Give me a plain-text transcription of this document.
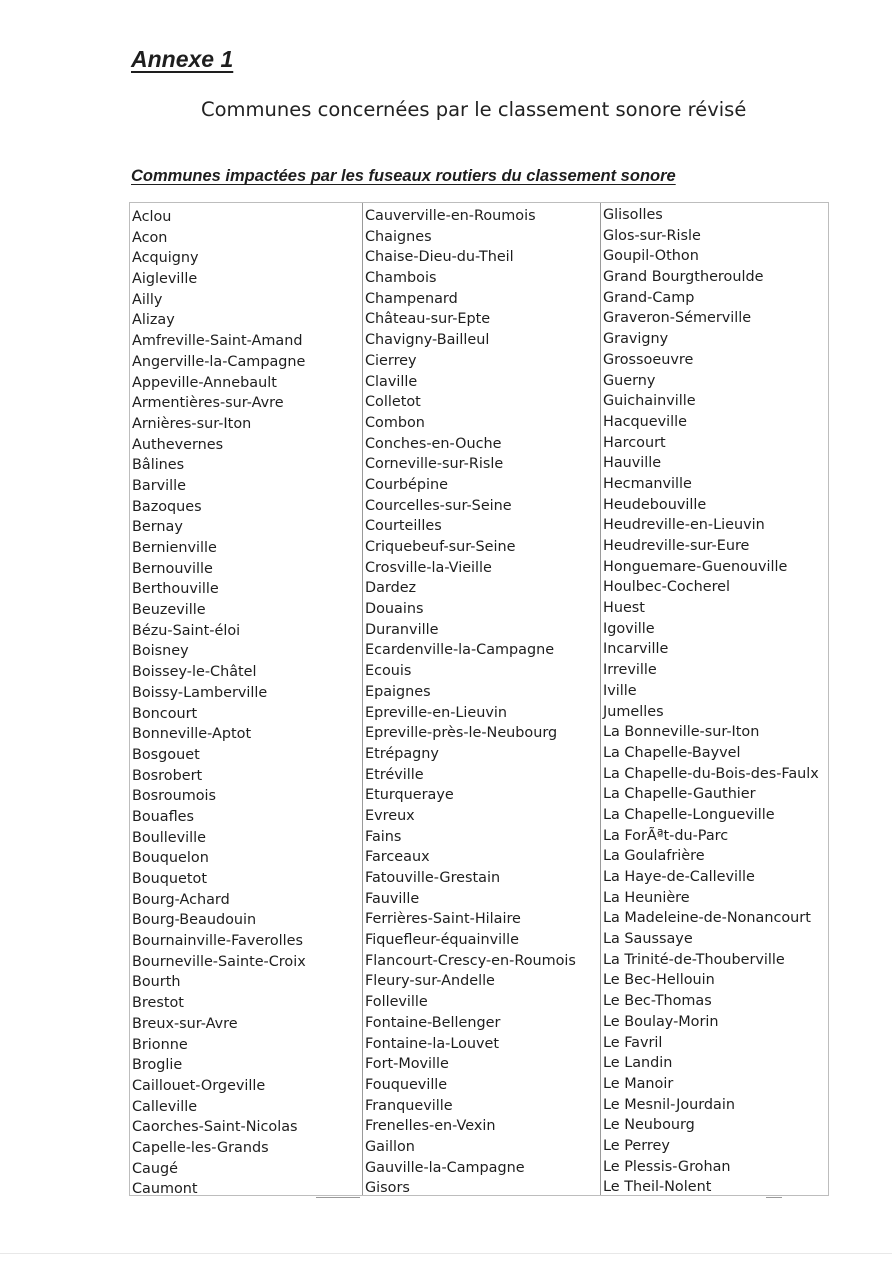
Annexe 1
Communes concernées par le classement sonore révisé
Communes impactées par les fuseaux routiers du classement sonore
Aclou
Acon
Acquigny
Aigleville
Ailly
Alizay
Amfreville-Saint-Amand
Angerville-la-Campagne
Appeville-Annebault
Armentières-sur-Avre
Arnières-sur-Iton
Authevernes
Bâlines
Barville
Bazoques
Bernay
Bernienville
Bernouville
Berthouville
Beuzeville
Bézu-Saint-éloi
Boisney
Boissey-le-Châtel
Boissy-Lamberville
Boncourt
Bonneville-Aptot
Bosgouet
Bosrobert
Bosroumois
Bouafles
Boulleville
Bouquelon
Bouquetot
Bourg-Achard
Bourg-Beaudouin
Bournainville-Faverolles
Bourneville-Sainte-Croix
Bourth
Brestot
Breux-sur-Avre
Brionne
Broglie
Caillouet-Orgeville
Calleville
Caorches-Saint-Nicolas
Capelle-les-Grands
Caugé
Caumont
Cauverville-en-Roumois
Chaignes
Chaise-Dieu-du-Theil
Chambois
Champenard
Château-sur-Epte
Chavigny-Bailleul
Cierrey
Claville
Colletot
Combon
Conches-en-Ouche
Corneville-sur-Risle
Courbépine
Courcelles-sur-Seine
Courteilles
Criquebeuf-sur-Seine
Crosville-la-Vieille
Dardez
Douains
Duranville
Ecardenville-la-Campagne
Ecouis
Epaignes
Epreville-en-Lieuvin
Epreville-près-le-Neubourg
Etrépagny
Etréville
Eturqueraye
Evreux
Fains
Farceaux
Fatouville-Grestain
Fauville
Ferrières-Saint-Hilaire
Fiquefleur-équainville
Flancourt-Crescy-en-Roumois
Fleury-sur-Andelle
Folleville
Fontaine-Bellenger
Fontaine-la-Louvet
Fort-Moville
Fouqueville
Franqueville
Frenelles-en-Vexin
Gaillon
Gauville-la-Campagne
Gisors
Glisolles
Glos-sur-Risle
Goupil-Othon
Grand Bourgtheroulde
Grand-Camp
Graveron-Sémerville
Gravigny
Grossoeuvre
Guerny
Guichainville
Hacqueville
Harcourt
Hauville
Hecmanville
Heudebouville
Heudreville-en-Lieuvin
Heudreville-sur-Eure
Honguemare-Guenouville
Houlbec-Cocherel
Huest
Igoville
Incarville
Irreville
Iville
Jumelles
La Bonneville-sur-Iton
La Chapelle-Bayvel
La Chapelle-du-Bois-des-Faulx
La Chapelle-Gauthier
La Chapelle-Longueville
La ForÃªt-du-Parc
La Goulafrière
La Haye-de-Calleville
La Heunière
La Madeleine-de-Nonancourt
La Saussaye
La Trinité-de-Thouberville
Le Bec-Hellouin
Le Bec-Thomas
Le Boulay-Morin
Le Favril
Le Landin
Le Manoir
Le Mesnil-Jourdain
Le Neubourg
Le Perrey
Le Plessis-Grohan
Le Theil-Nolent
